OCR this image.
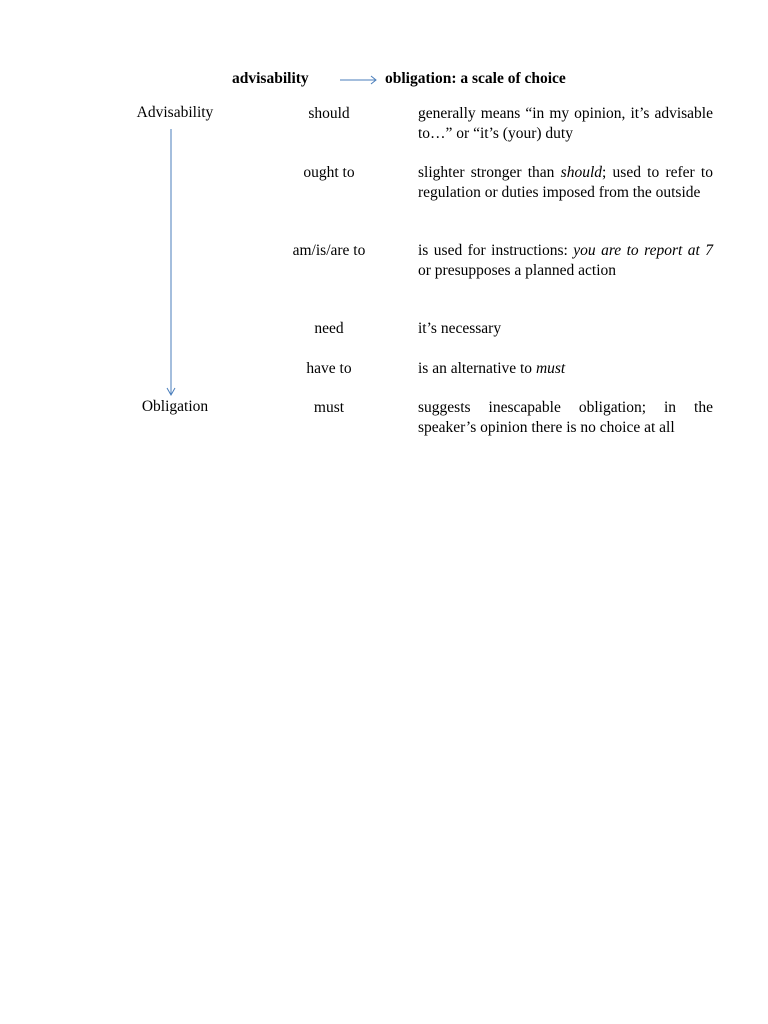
advisability	obligation: a scale of choice
Advisability
Obligation
should	generally means “in my opinion, it’s advisable to…” or “it’s (your) duty
ought to	slighter stronger than should; used to refer to regulation or duties imposed from the outside
am/is/are to	is used for instructions: you are to report at 7 or presupposes a planned action
need	it’s necessary
have to	is an alternative to must
must	suggests inescapable obligation; in the speaker’s opinion there is no choice at all
